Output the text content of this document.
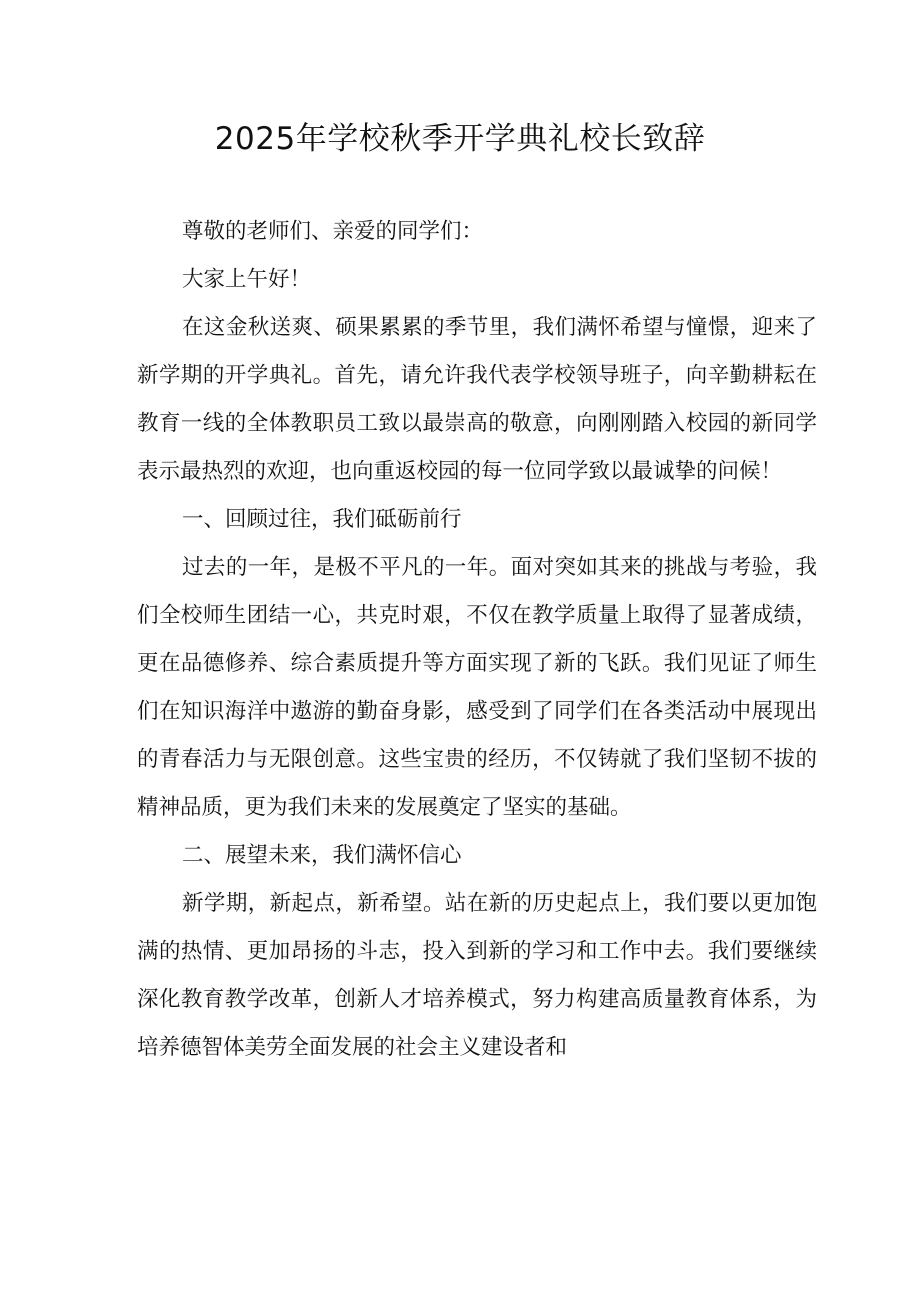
2025年学校秋季开学典礼校长致辞

尊敬的老师们、亲爱的同学们：

大家上午好！

在这金秋送爽、硕果累累的季节里，我们满怀希望与憧憬，迎来了新学期的开学典礼。首先，请允许我代表学校领导班子，向辛勤耕耘在教育一线的全体教职员工致以最崇高的敬意，向刚刚踏入校园的新同学表示最热烈的欢迎，也向重返校园的每一位同学致以最诚挚的问候！

一、回顾过往，我们砥砺前行

过去的一年，是极不平凡的一年。面对突如其来的挑战与考验，我们全校师生团结一心，共克时艰，不仅在教学质量上取得了显著成绩，更在品德修养、综合素质提升等方面实现了新的飞跃。我们见证了师生们在知识海洋中遨游的勤奋身影，感受到了同学们在各类活动中展现出的青春活力与无限创意。这些宝贵的经历，不仅铸就了我们坚韧不拔的精神品质，更为我们未来的发展奠定了坚实的基础。

二、展望未来，我们满怀信心

新学期，新起点，新希望。站在新的历史起点上，我们要以更加饱满的热情、更加昂扬的斗志，投入到新的学习和工作中去。我们要继续深化教育教学改革，创新人才培养模式，努力构建高质量教育体系，为培养德智体美劳全面发展的社会主义建设者和
